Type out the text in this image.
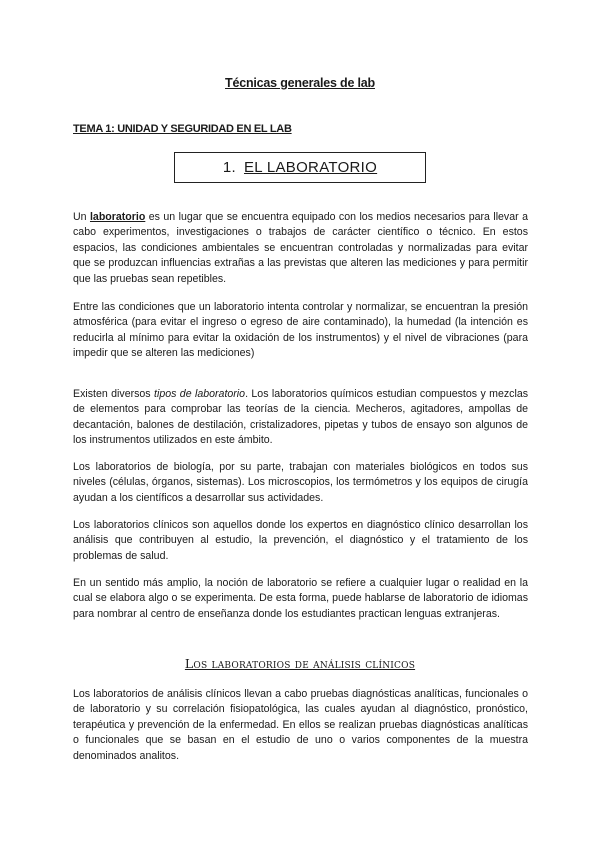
Técnicas generales de lab
TEMA 1: UNIDAD Y SEGURIDAD EN EL LAB
1. EL LABORATORIO

Un laboratorio es un lugar que se encuentra equipado con los medios necesarios para llevar a cabo experimentos, investigaciones o trabajos de carácter científico o técnico. En estos espacios, las condiciones ambientales se encuentran controladas y normalizadas para evitar que se produzcan influencias extrañas a las previstas que alteren las mediciones y para permitir que las pruebas sean repetibles.

Entre las condiciones que un laboratorio intenta controlar y normalizar, se encuentran la presión atmosférica (para evitar el ingreso o egreso de aire contaminado), la humedad (la intención es reducirla al mínimo para evitar la oxidación de los instrumentos) y el nivel de vibraciones (para impedir que se alteren las mediciones)

Existen diversos tipos de laboratorio. Los laboratorios químicos estudian compuestos y mezclas de elementos para comprobar las teorías de la ciencia. Mecheros, agitadores, ampollas de decantación, balones de destilación, cristalizadores, pipetas y tubos de ensayo son algunos de los instrumentos utilizados en este ámbito.

Los laboratorios de biología, por su parte, trabajan con materiales biológicos en todos sus niveles (células, órganos, sistemas). Los microscopios, los termómetros y los equipos de cirugía ayudan a los científicos a desarrollar sus actividades.

Los laboratorios clínicos son aquellos donde los expertos en diagnóstico clínico desarrollan los análisis que contribuyen al estudio, la prevención, el diagnóstico y el tratamiento de los problemas de salud.

En un sentido más amplio, la noción de laboratorio se refiere a cualquier lugar o realidad en la cual se elabora algo o se experimenta. De esta forma, puede hablarse de laboratorio de idiomas para nombrar al centro de enseñanza donde los estudiantes practican lenguas extranjeras.

Los laboratorios de análisis clínicos

Los laboratorios de análisis clínicos llevan a cabo pruebas diagnósticas analíticas, funcionales o de laboratorio y su correlación fisiopatológica, las cuales ayudan al diagnóstico, pronóstico, terapéutica y prevención de la enfermedad. En ellos se realizan pruebas diagnósticas analíticas o funcionales que se basan en el estudio de uno o varios componentes de la muestra denominados analitos.
